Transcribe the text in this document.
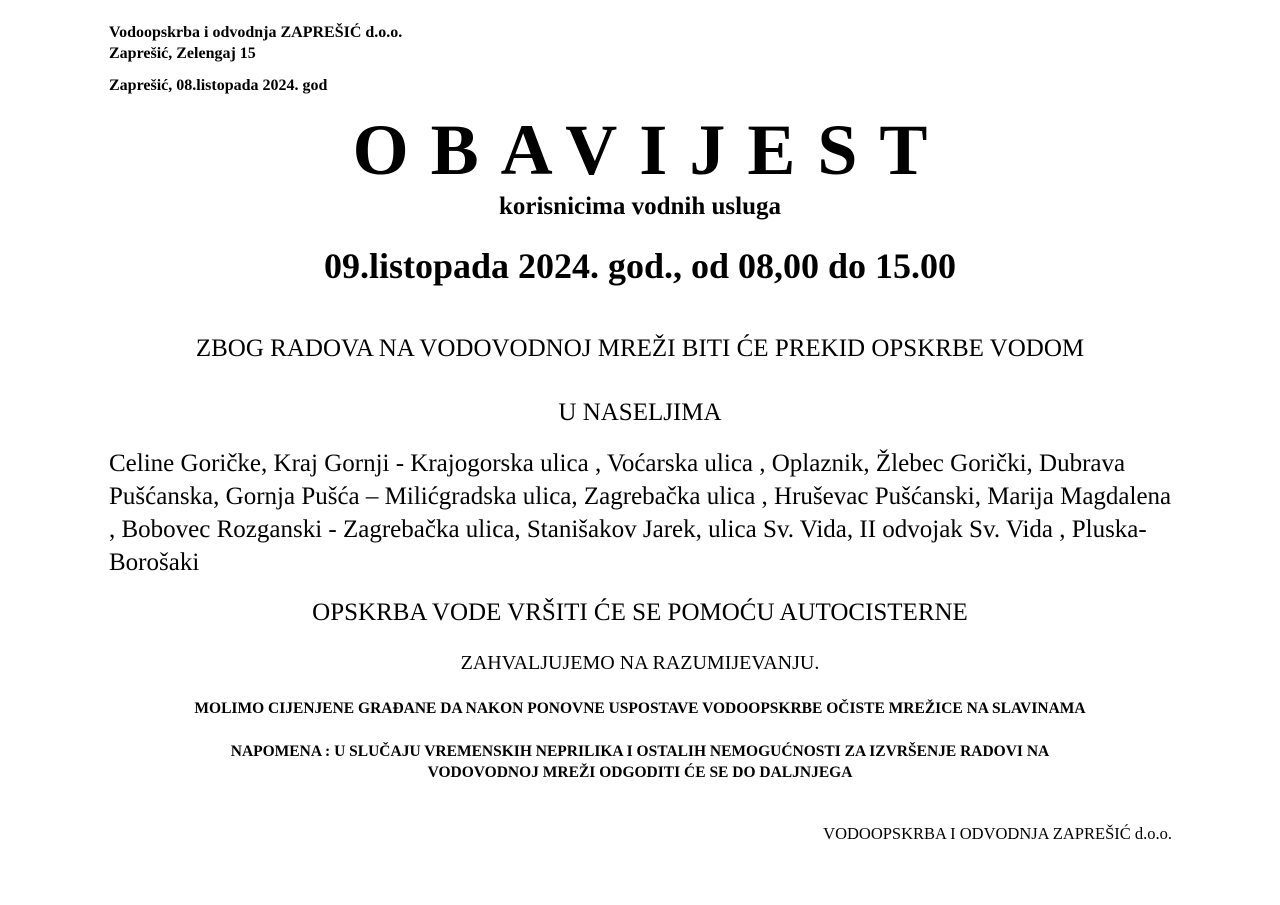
Vodoopskrba i odvodnja ZAPREŠIĆ d.o.o.
Zaprešić, Zelengaj 15
Zaprešić, 08.listopada 2024. god
OBAVIJEST
korisnicima vodnih usluga
09.listopada 2024. god., od 08,00 do 15.00
ZBOG RADOVA NA VODOVODNOJ MREŽI BITI ĆE PREKID OPSKRBE VODOM
U NASELJIMA
Celine Goričke, Kraj Gornji - Krajogorska ulica , Voćarska ulica , Oplaznik, Žlebec Gorički, Dubrava Pušćanska, Gornja Pušća – Milićgradska ulica, Zagrebačka ulica , Hruševac Pušćanski, Marija Magdalena , Bobovec Rozganski - Zagrebačka ulica, Stanišakov Jarek, ulica Sv. Vida, II odvojak Sv. Vida , Pluska- Borošaki
OPSKRBA VODE VRŠITI ĆE SE POMOĆU AUTOCISTERNE
ZAHVALJUJEMO NA RAZUMIJEVANJU.
MOLIMO CIJENJENE GRAĐANE DA NAKON PONOVNE USPOSTAVE VODOOPSKRBE OČISTE MREŽICE NA SLAVINAMA
NAPOMENA : U SLUČAJU VREMENSKIH NEPRILIKA I OSTALIH NEMOGUĆNOSTI ZA IZVRŠENJE RADOVI NA
VODOVODNOJ MREŽI ODGODITI ĆE SE DO DALJNJEGA
VODOOPSKRBA I ODVODNJA ZAPREŠIĆ d.o.o.
